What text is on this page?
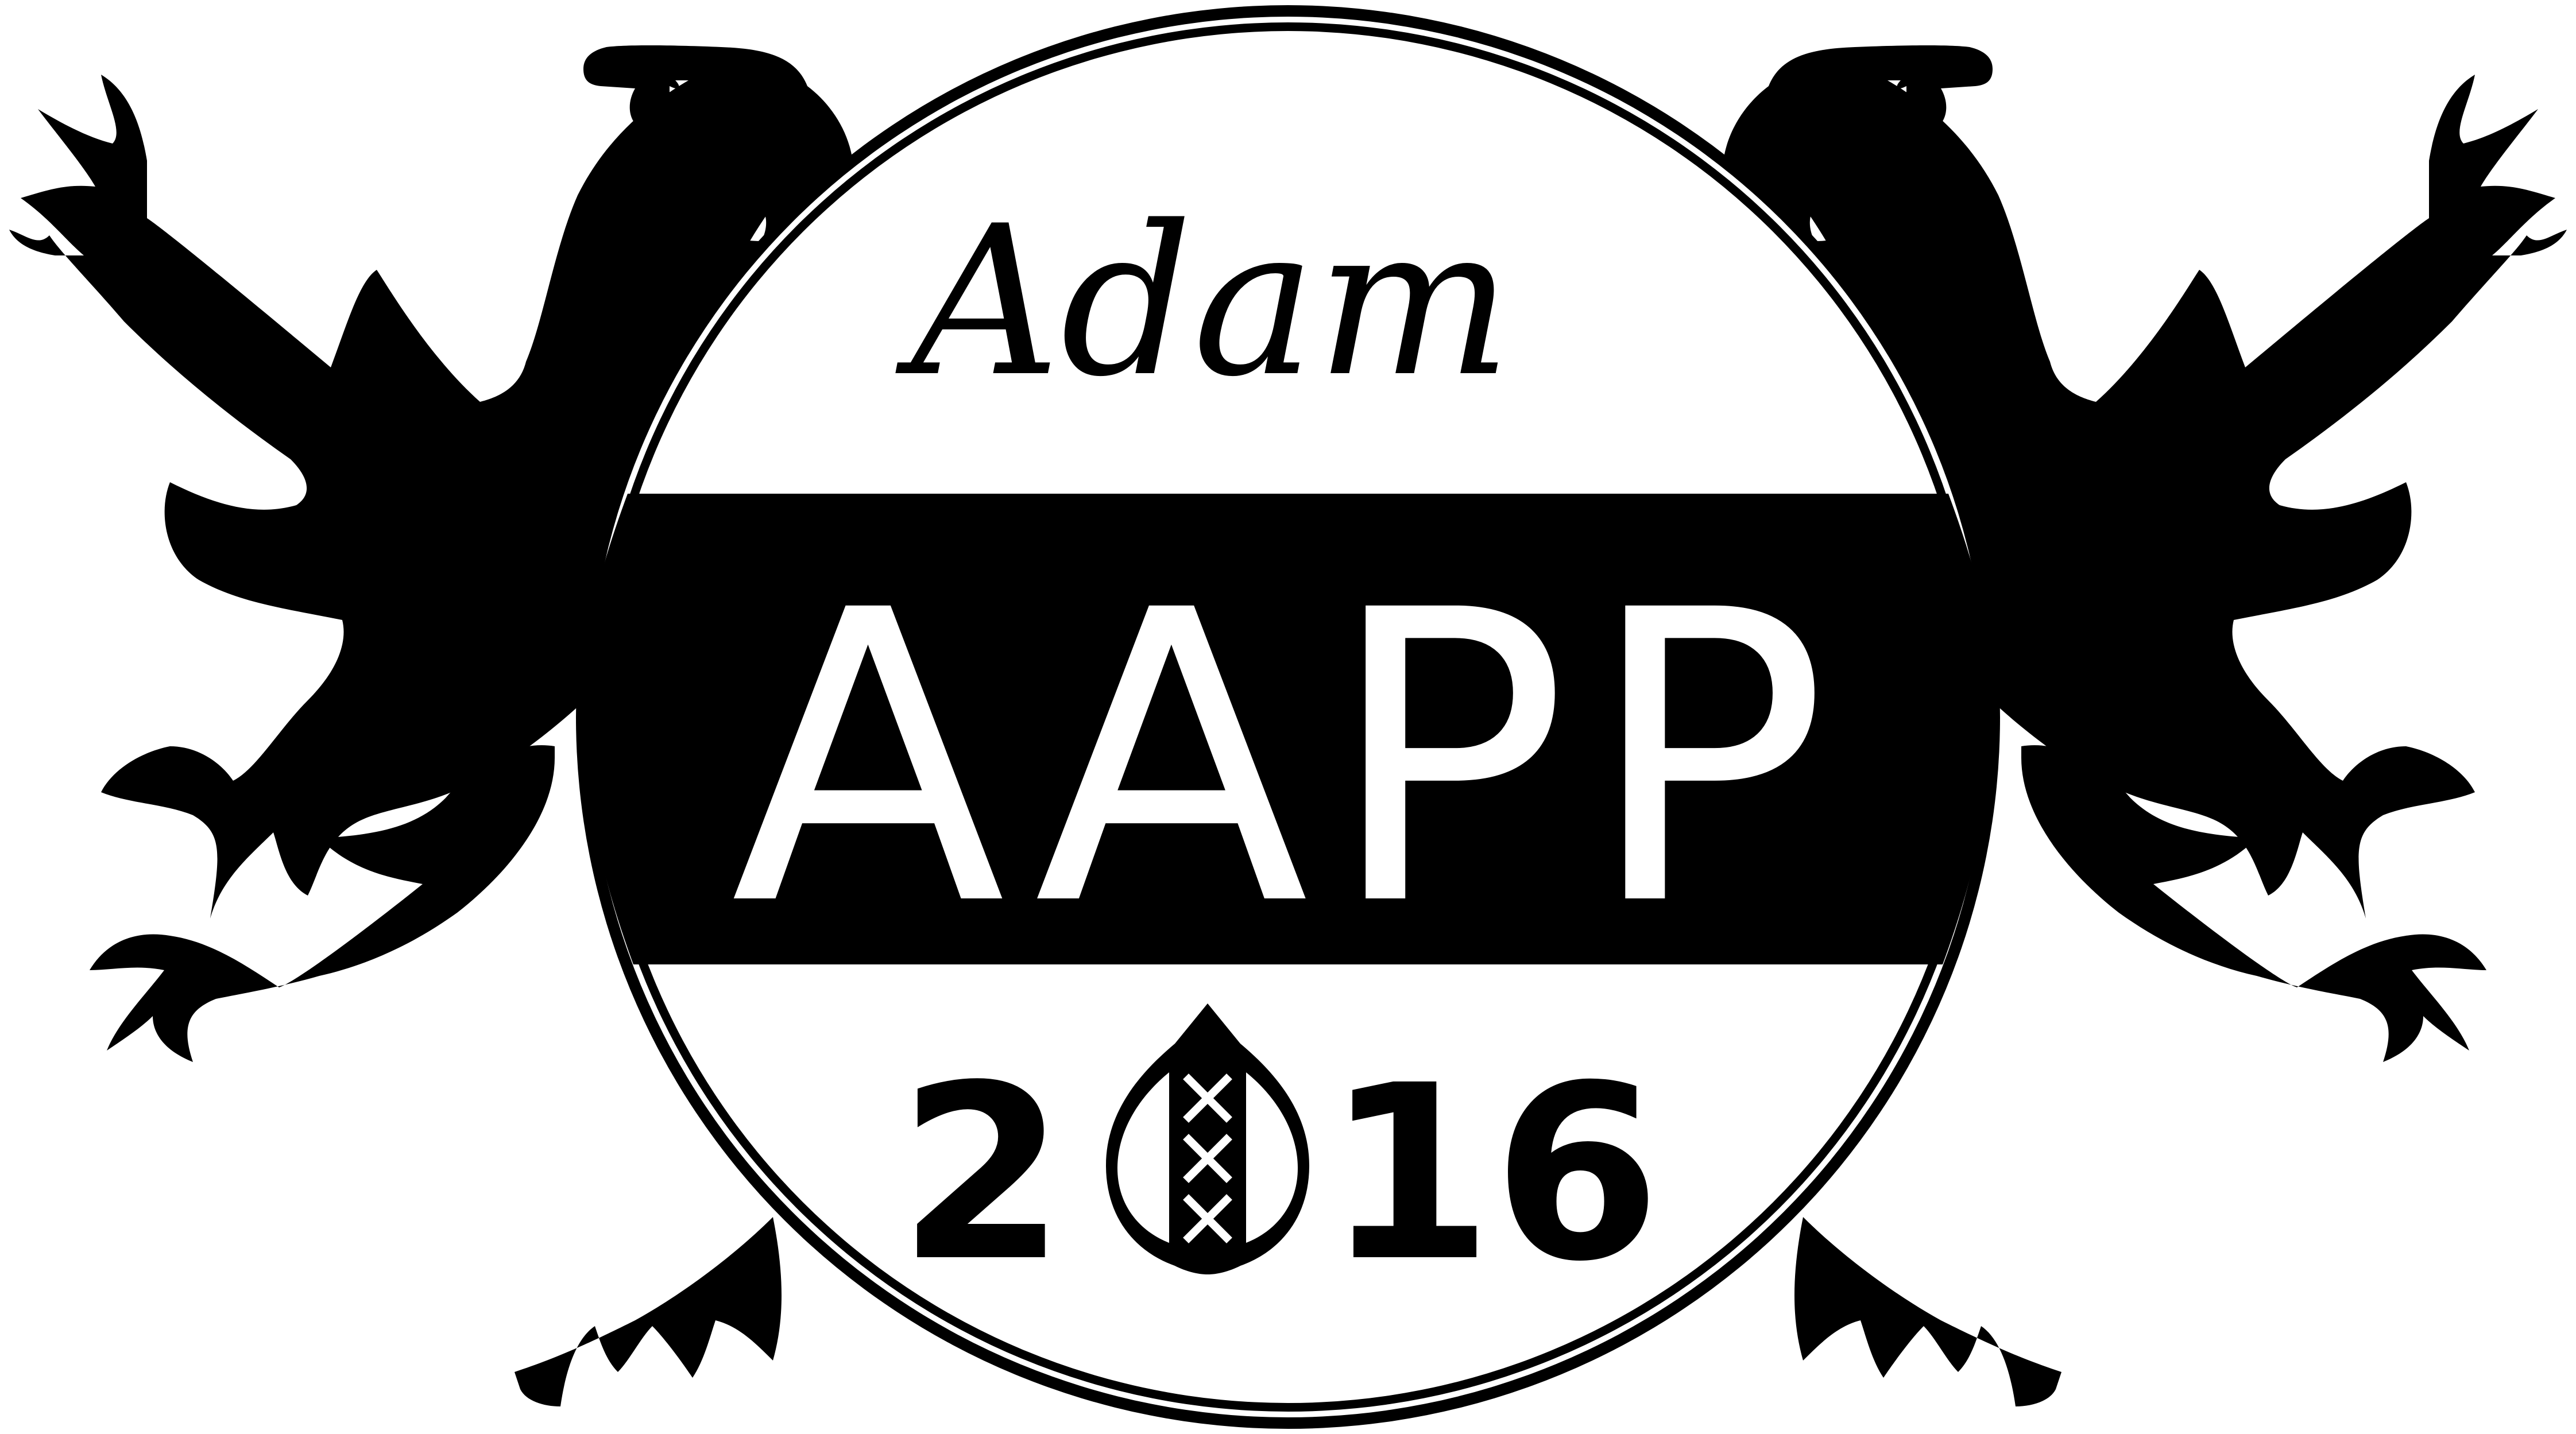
Adam
AAPP
2 16
